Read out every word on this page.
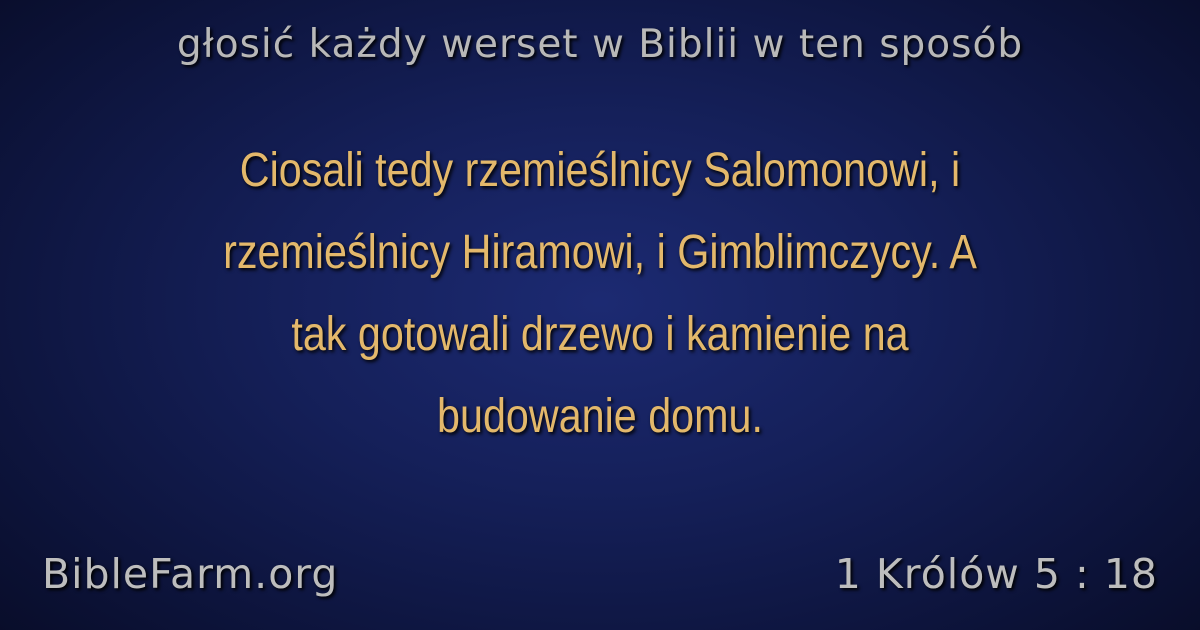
głosić każdy werset w Biblii w ten sposób
Ciosali tedy rzemieślnicy Salomonowi, i
rzemieślnicy Hiramowi, i Gimblimczycy. A
tak gotowali drzewo i kamienie na
budowanie domu.
BibleFarm.org	1 Królów 5 : 18
